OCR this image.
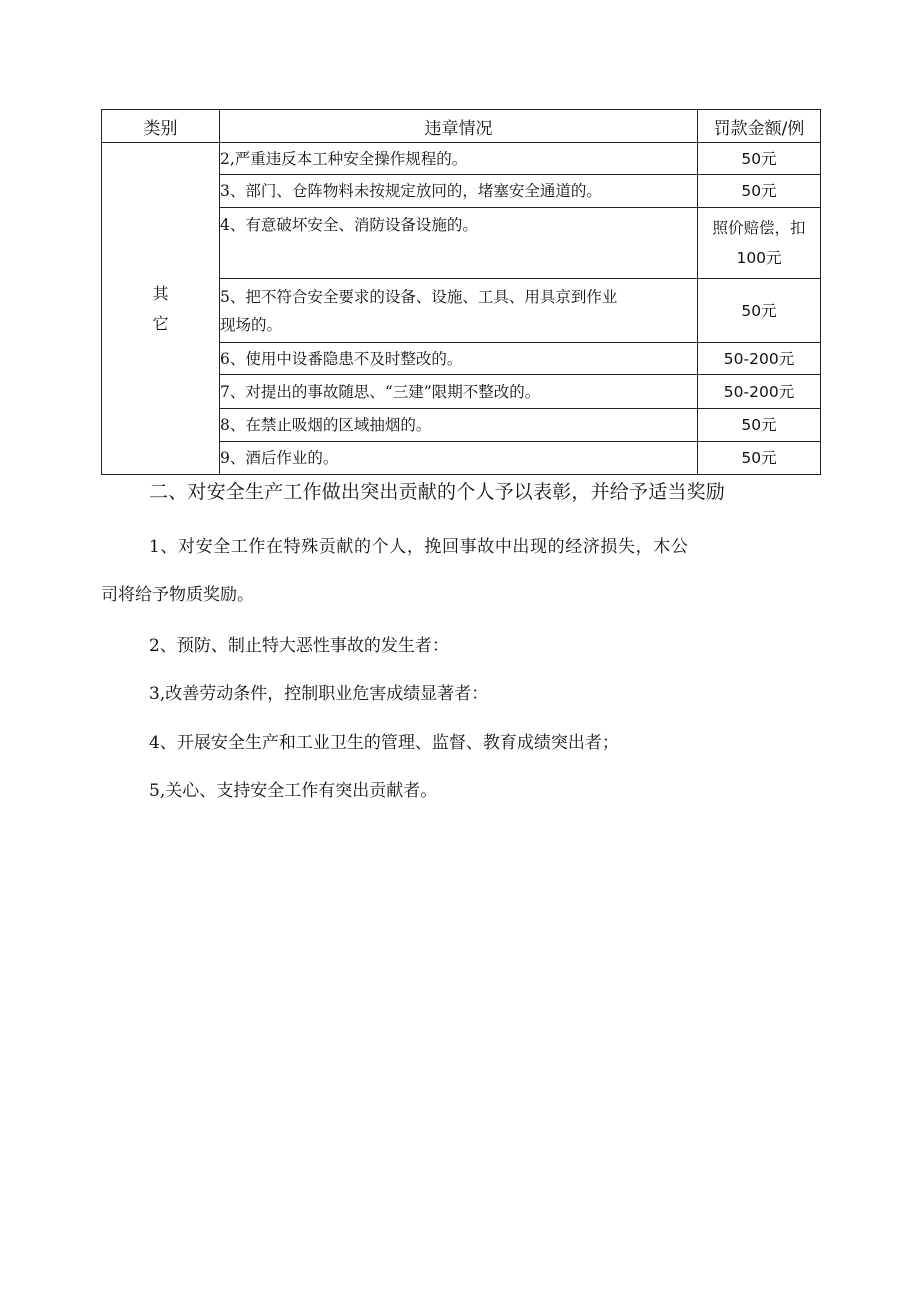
类别	违章情况	罚款金额/例

其
它	2,严重违反本工种安全操作规程的。	50元
	3、部门、仓阵物料未按规定放冋的，堵塞安全通道的。	50元
	4、有意破坏安全、消防设备设施的。	照价赔偿，扣
100元

	5、把不符合安全要求的设备、设施、工具、用具京到作业
现场的。	50元
	6、使用中设番隐患不及时整改的。	50-200元
	7、对提出的事故随思、“三建”限期不整改的。	50-200元
	8、在禁止吸烟的区域抽烟的。	50元
	9、酒后作业的。	50元
二、对安全生产工作做出突出贡献的个人予以表彰，并给予适当奖励
1、对安全工作在特殊贡献的个人，挽回事故中出现的经济损失，木公
司将给予物质奖励。
2、预防、制止特大恶性事故的发生者：
3,改善劳动条件，控制职业危害成绩显著者：
4、开展安全生产和工业卫生的管理、监督、教育成绩突出者；
5,关心、支持安全工作有突出贡献者。
